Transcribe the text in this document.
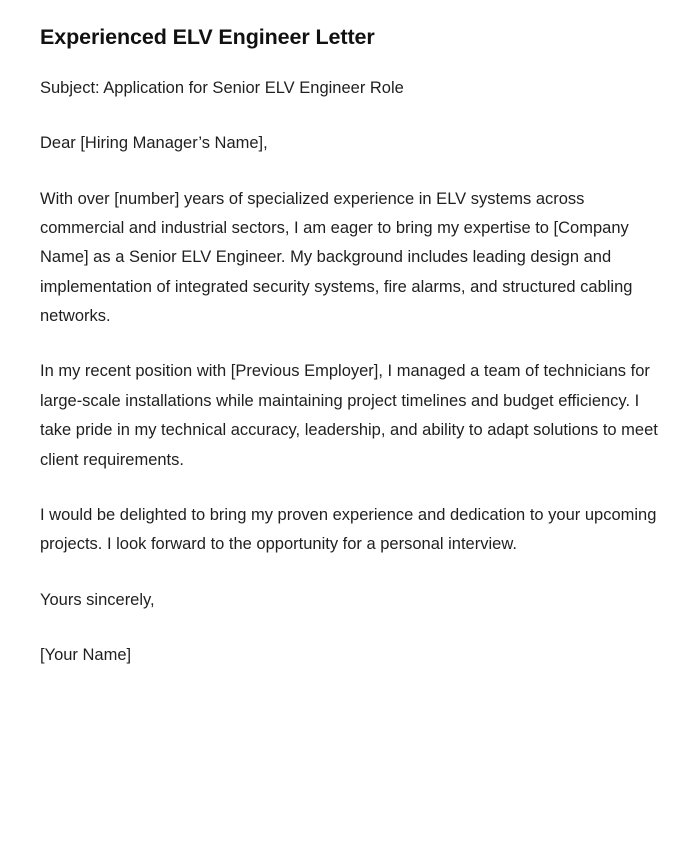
Experienced ELV Engineer Letter

Subject: Application for Senior ELV Engineer Role

Dear [Hiring Manager’s Name],

With over [number] years of specialized experience in ELV systems across commercial and industrial sectors, I am eager to bring my expertise to [Company Name] as a Senior ELV Engineer. My background includes leading design and implementation of integrated security systems, fire alarms, and structured cabling networks.

In my recent position with [Previous Employer], I managed a team of technicians for large-scale installations while maintaining project timelines and budget efficiency. I take pride in my technical accuracy, leadership, and ability to adapt solutions to meet client requirements.

I would be delighted to bring my proven experience and dedication to your upcoming projects. I look forward to the opportunity for a personal interview.

Yours sincerely,

[Your Name]
